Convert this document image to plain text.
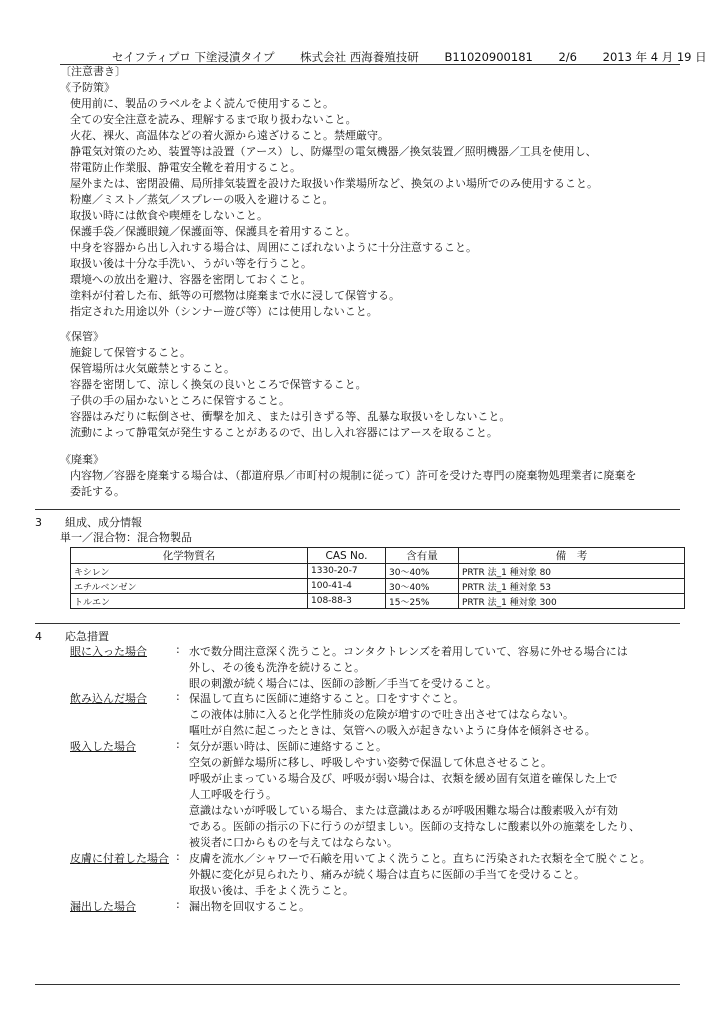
セイフティプロ 下塗浸漬タイプ 株式会社 西海養殖技研 B11020900181 2/6 2013 年 4 月 19 日
〔注意書き〕
《予防策》
使用前に、製品のラベルをよく読んで使用すること。
全ての安全注意を読み、理解するまで取り扱わないこと。
火花、裸火、高温体などの着火源から遠ざけること。禁煙厳守。
静電気対策のため、装置等は設置（アース）し、防爆型の電気機器／換気装置／照明機器／工具を使用し、
帯電防止作業服、静電安全靴を着用すること。
屋外または、密閉設備、局所排気装置を設けた取扱い作業場所など、換気のよい場所でのみ使用すること。
粉塵／ミスト／蒸気／スプレーの吸入を避けること。
取扱い時には飲食や喫煙をしないこと。
保護手袋／保護眼鏡／保護面等、保護具を着用すること。
中身を容器から出し入れする場合は、周囲にこぼれないように十分注意すること。
取扱い後は十分な手洗い、うがい等を行うこと。
環境への放出を避け、容器を密閉しておくこと。
塗料が付着した布、紙等の可燃物は廃棄まで水に浸して保管する。
指定された用途以外（シンナー遊び等）には使用しないこと。
《保管》
施錠して保管すること。
保管場所は火気厳禁とすること。
容器を密閉して、涼しく換気の良いところで保管すること。
子供の手の届かないところに保管すること。
容器はみだりに転倒させ、衝撃を加え、または引きずる等、乱暴な取扱いをしないこと。
流動によって静電気が発生することがあるので、出し入れ容器にはアースを取ること。
《廃棄》
内容物／容器を廃棄する場合は、（都道府県／市町村の規制に従って）許可を受けた専門の廃棄物処理業者に廃棄を
委託する。
3 組成、成分情報
単一／混合物：混合物製品
化学物質名	CAS No.	含有量	備　考
キシレン	1330-20-7	30～40%	PRTR 法_1 種対象 80
エチルベンゼン	100-41-4	30～40%	PRTR 法_1 種対象 53
トルエン	108-88-3	15～25%	PRTR 法_1 種対象 300
4 応急措置
眼に入った場合	: 水で数分間注意深く洗うこと。コンタクトレンズを着用していて、容易に外せる場合には
外し、その後も洗浄を続けること。
眼の刺激が続く場合には、医師の診断／手当てを受けること。
飲み込んだ場合	: 保温して直ちに医師に連絡すること。口をすすぐこと。
この液体は肺に入ると化学性肺炎の危険が増すので吐き出させてはならない。
嘔吐が自然に起こったときは、気管への吸入が起きないように身体を傾斜させる。
吸入した場合	: 気分が悪い時は、医師に連絡すること。
空気の新鮮な場所に移し、呼吸しやすい姿勢で保温して休息させること。
呼吸が止まっている場合及び、呼吸が弱い場合は、衣類を緩め固有気道を確保した上で
人工呼吸を行う。
意識はないが呼吸している場合、または意識はあるが呼吸困難な場合は酸素吸入が有効
である。医師の指示の下に行うのが望ましい。医師の支持なしに酸素以外の施薬をしたり、
被災者に口からものを与えてはならない。
皮膚に付着した場合 : 皮膚を流水／シャワーで石鹸を用いてよく洗うこと。直ちに汚染された衣類を全て脱ぐこと。
外観に変化が見られたり、痛みが続く場合は直ちに医師の手当てを受けること。
取扱い後は、手をよく洗うこと。
漏出した場合	: 漏出物を回収すること。
